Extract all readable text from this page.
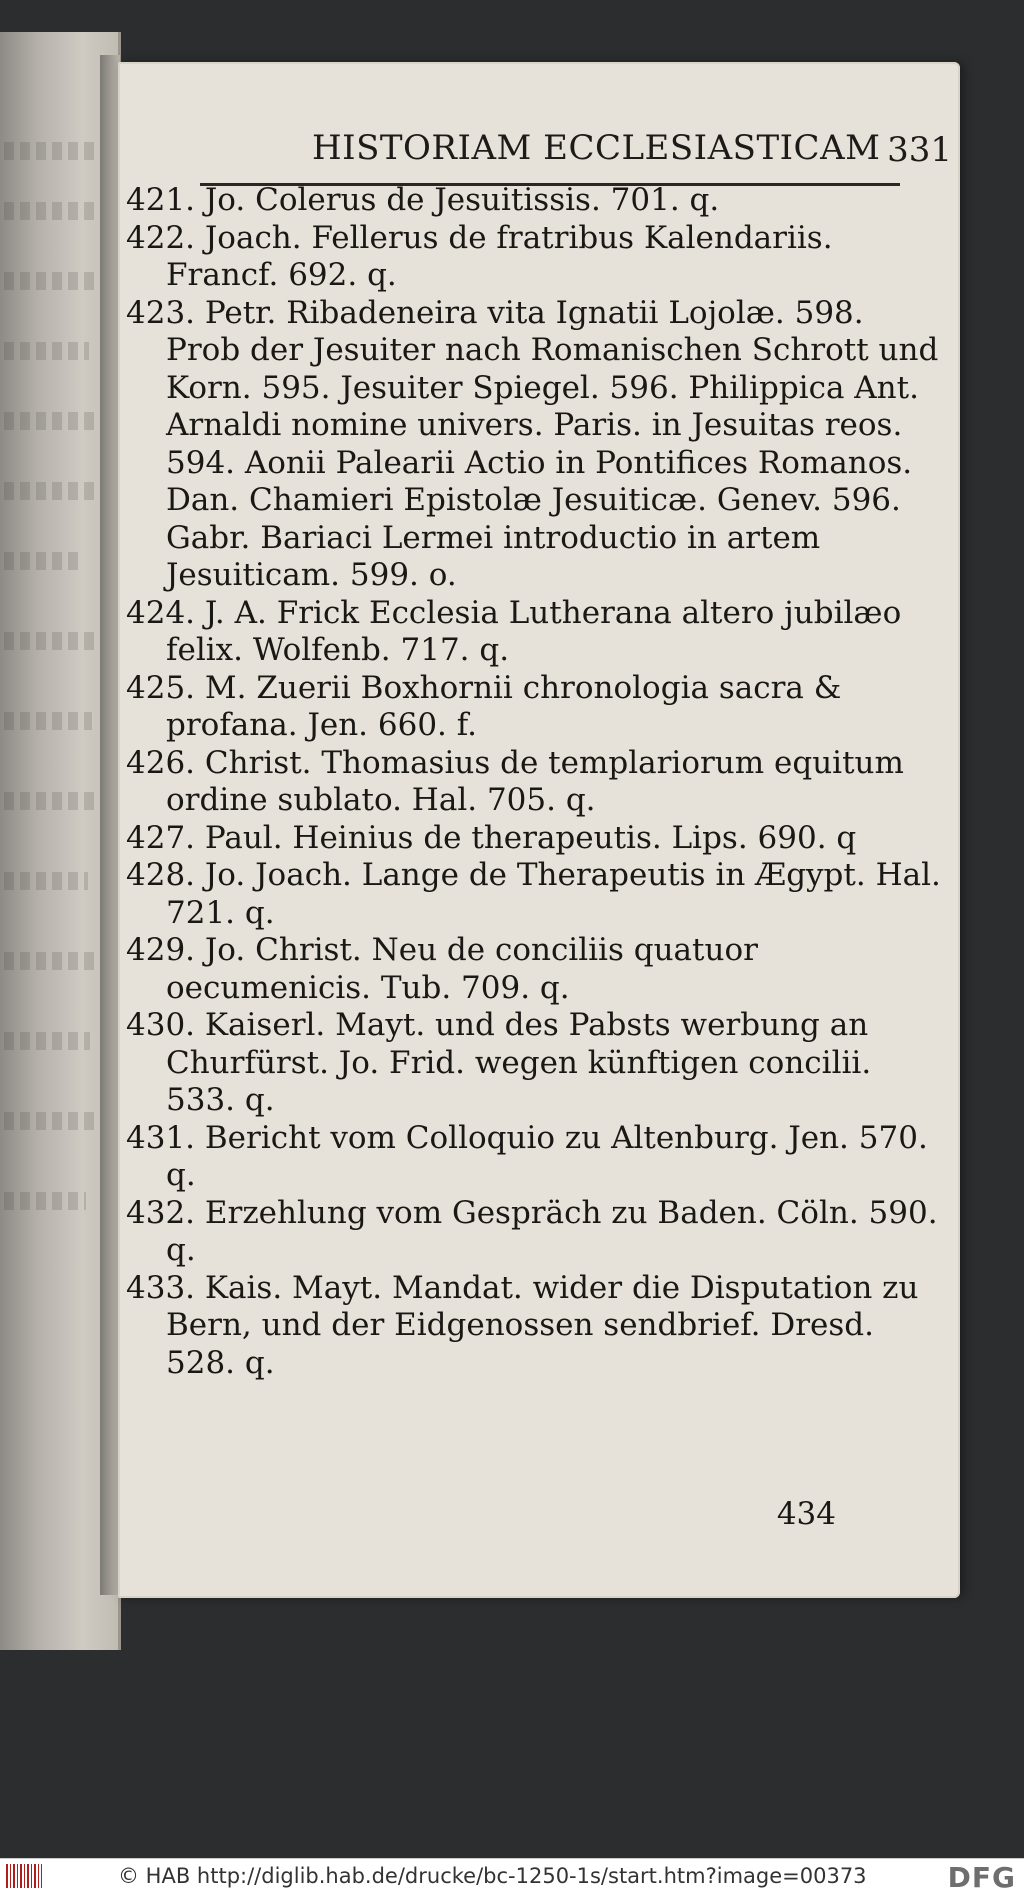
HISTORIAM ECCLESIASTICAM 331

421. Jo. Colerus de Jesuitissis. 701. q.

422. Joach. Fellerus de fratribus Kalendariis. Francf. 692. q.

423. Petr. Ribadeneira vita Ignatii Lojolæ. 598. Prob der Jesuiter nach Romanischen Schrott und Korn. 595. Jesuiter Spiegel. 596. Philippica Ant. Arnaldi nomine univers. Paris. in Jesuitas reos. 594. Aonii Palearii Actio in Pontifices Romanos. Dan. Chamieri Epistolæ Jesuiticæ. Genev. 596. Gabr. Bariaci Lermei introductio in artem Jesuiticam. 599. o.

424. J. A. Frick Ecclesia Lutherana altero jubilæo felix. Wolfenb. 717. q.

425. M. Zuerii Boxhornii chronologia sacra & profana. Jen. 660. f.

426. Christ. Thomasius de templariorum equitum ordine sublato. Hal. 705. q.

427. Paul. Heinius de therapeutis. Lips. 690. q

428. Jo. Joach. Lange de Therapeutis in Ægypt. Hal. 721. q.

429. Jo. Christ. Neu de conciliis quatuor oecumenicis. Tub. 709. q.

430. Kaiserl. Mayt. und des Pabsts werbung an Churfürst. Jo. Frid. wegen künftigen concilii. 533. q.

431. Bericht vom Colloquio zu Altenburg. Jen. 570. q.

432. Erzehlung vom Gespräch zu Baden. Cöln. 590. q.

433. Kais. Mayt. Mandat. wider die Disputation zu Bern, und der Eidgenossen sendbrief. Dresd. 528. q.

434
© HAB http://diglib.hab.de/drucke/bc-1250-1s/start.htm?image=00373	DFG
